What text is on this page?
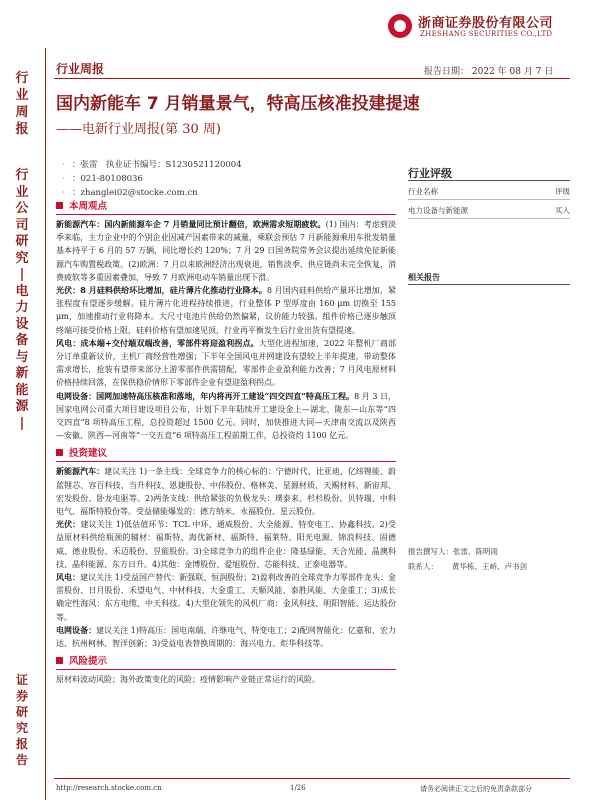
浙商证券股份有限公司
ZHESHANG SECURITIES CO.,LTD
行
业
周
报
行
业
公
司
研
究
|
电
力
设
备
与
新
能
源
|
证
券
研
究
报
告
行业周报	报告日期： 2022 年 08 月 7 日
国内新能车 7 月销量景气，特高压核准投建提速
——电新行业周报(第 30 周)
· ：张雷　执业证书编号：S1230521120004
· ：021-80108036
· ：zhanglei02@stocke.com.cn
本周观点
新能源汽车：国内新能源车企 7 月销量同比预计翻倍，欧洲需求短期疲软。(1) 国内：考虑到淡季来临，主力企业中的个别企业因减产因素带来的减量，乘联会预估 7 月新能源乘用车批发销量基本持平于 6 月的 57 万辆，同比增长约 120%；7 月 29 日国务院常务会议提出延续免征新能源汽车购置税政策。(2)欧洲：7 月以来欧洲经济出现衰退，销售淡季、供应链尚未完全恢复，消费疲软等多重因素叠加，导致 7 月欧洲电动车销量出现下滑。
光伏：8 月硅料供给环比增加，硅片薄片化推动行业降本。8 月国内硅料供给产量环比增加，紧张程度有望逐步缓解。硅片薄片化进程持续推进，行业整体 P 型厚度由 160 μm 切换至 155 μm，加速推动行业将降本。大尺寸电池片供给仍然偏紧，议价能力较强。组件价格已逐步触顶终端可接受价格上限，硅料价格有望加速见顶，行业再平衡发生后行业出货有望提速。
风电：成本端+交付端双端改善，零部件将迎盈利拐点。大型化进程加速，2022 年整机厂商部分订单重新议价，主机厂商经营性增强；下半年全国风电并网建设有望较上半年提速，带动整体需求增长，抢装有望带来部分上游零部件供需错配，零部件企业盈利能力改善；7 月风电原材料价格持续回落，在保供稳价情形下零部件企业有望迎盈利拐点。
电网设备：国网加速特高压核准和落地，年内将再开工建设“四交四直”特高压工程。8 月 3 日，国家电网公司重大项目建设项目公布，计划下半年陆续开工建设金上—湖北、陇东—山东等“四交四直”8 项特高压工程，总投资超过 1500 亿元。同时，加快推进大同—天津南交流以及陕西—安徽、陕西—河南等“一交五直”6 项特高压工程前期工作，总投资约 1100 亿元。
投资建议
新能源汽车：建议关注 1)一条主线：全球竞争力的核心标的：宁德时代、比亚迪、亿纬锂能、蔚蓝锂芯、容百科技、当升科技、恩捷股份、中伟股份、格林美、星源材质、天赐材料、新宙邦、宏发股份、卧龙电驱等。2)两条支线：供给紧张的负极龙头：璞泰来、杉杉股份、贝特瑞、中科电气、福斯特股份等。受益储能爆发的：德方纳米、永福股份、星云股份。
光伏：建议关注 1)低估值环节：TCL 中环、通威股份、大全能源、特变电工、协鑫科技。2)受益原材料供给瓶颈的辅材：福斯特、海优新材、福斯特、福莱特、阳光电源、锦浪科技、固德威、德业股份、禾迈股份、昱能股份。3)全球竞争力的组件企业：隆基绿能、天合光能、晶澳科技、晶科能源、东方日升。4)其他：金博股份、爱旭股份、芯能科技、正泰电器等。
风电：建议关注 1)受益国产替代：新强联、恒润股份；2)盈利改善的全球竞争力零部件龙头：金雷股份、日月股份、禾望电气、中材科技、大金重工、天顺风能、泰胜风能、大金重工；3)成长确定性海风：东方电缆、中天科技。4)大型化领先的风机厂商：金风科技、明阳智能、运达股份等。
电网设备：建议关注 1)特高压：国电南瑞、许继电气、特变电工；2)配网智能化：亿嘉和、宏力达、杭州柯林、智洋创新；3)受益电表替换周期的：海兴电力、炬华科技等。
风险提示
原材料波动风险；海外政策变化的风险；疫情影响产业链正常运行的风险。
行业评级
行业名称	评级
电力设备与新能源	买入
相关报告
报告撰写人：张雷、陈明雨
联系人： 黄华栋、王峤、卢书剑
http://research.stocke.com.cn	1/26	请务必阅读正文之后的免责条款部分
